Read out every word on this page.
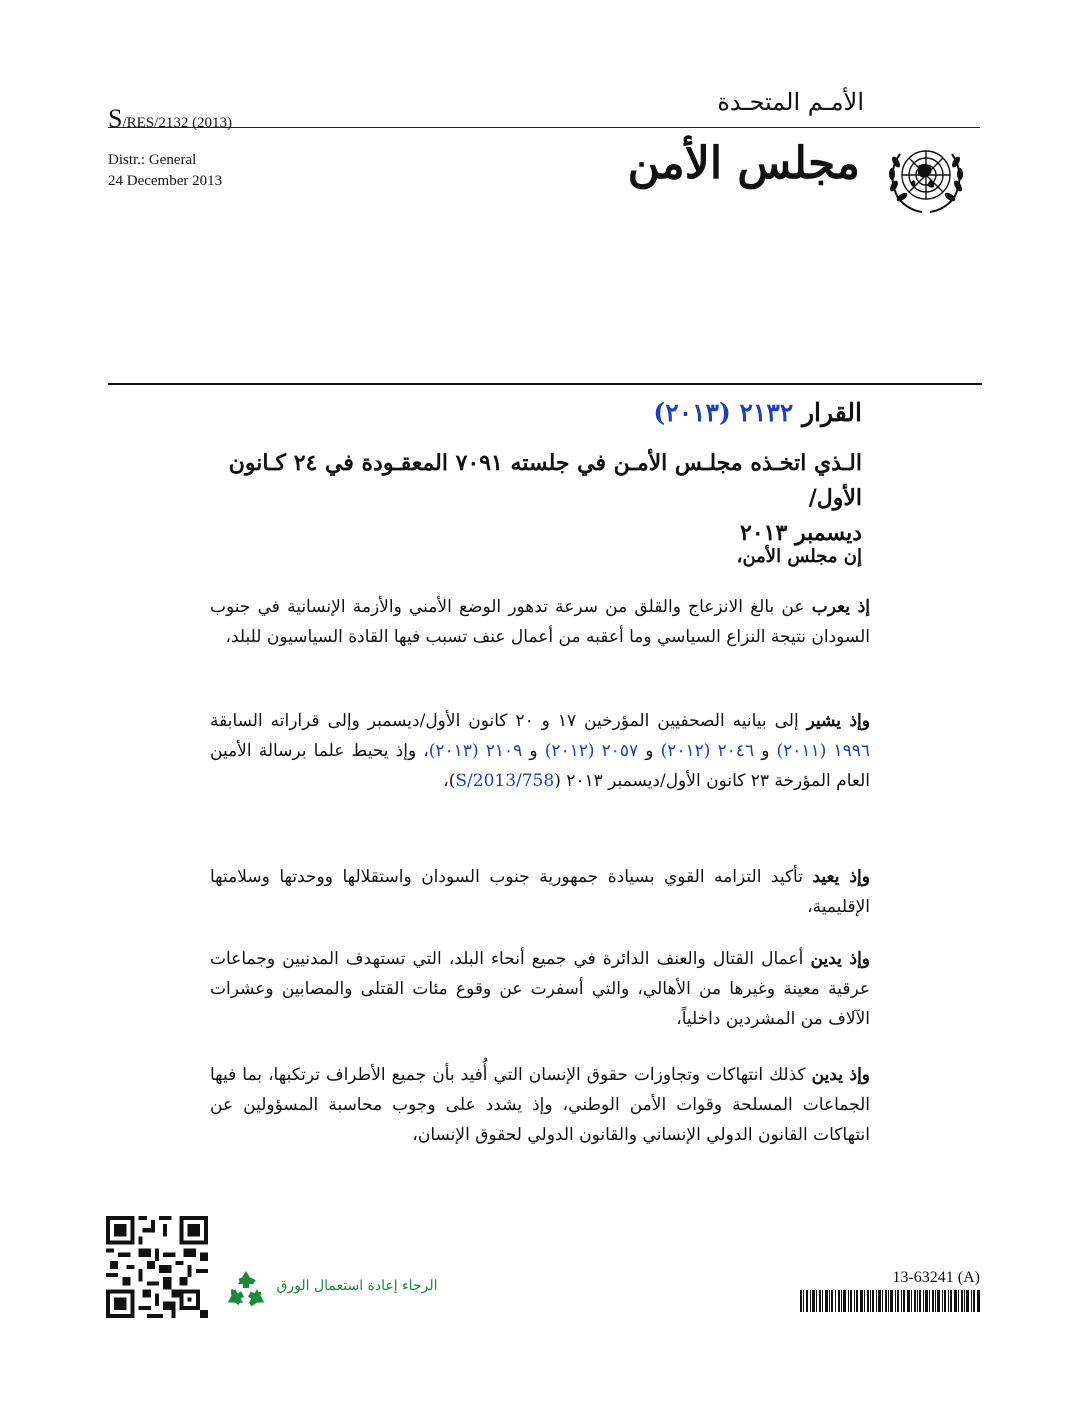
S/RES/2132 (2013)
الأمـم المتحـدة
Distr.: General
24 December 2013	مجلس الأمن
القرار ٢١٣٢ (٢٠١٣)
الـذي اتخـذه مجلـس الأمـن في جلسته ٧٠٩١ المعقـودة في ٢٤ كـانون الأول/
ديسمبر ٢٠١٣
إن مجلس الأمن،
إذ يعرب عن بالغ الانزعاج والقلق من سرعة تدهور الوضع الأمني والأزمة الإنسانية في جنوب السودان نتيجة النزاع السياسي وما أعقبه من أعمال عنف تسبب فيها القادة السياسيون للبلد،
وإذ يشير إلى بيانيه الصحفيين المؤرخين ١٧ و ٢٠ كانون الأول/ديسمبر وإلى قراراته السابقة ١٩٩٦ (٢٠١١) و ٢٠٤٦ (٢٠١٢) و ٢٠٥٧ (٢٠١٢) و ٢١٠٩ (٢٠١٣)، وإذ يحيط علما برسالة الأمين العام المؤرخة ٢٣ كانون الأول/ديسمبر ٢٠١٣ (S/2013/758)،
وإذ يعيد تأكيد التزامه القوي بسيادة جمهورية جنوب السودان واستقلالها ووحدتها وسلامتها الإقليمية،
وإذ يدين أعمال القتال والعنف الدائرة في جميع أنحاء البلد، التي تستهدف المدنيين وجماعات عرقية معينة وغيرها من الأهالي، والتي أسفرت عن وقوع مئات القتلى والمصابين وعشرات الآلاف من المشردين داخلياً،
وإذ يدين كذلك انتهاكات وتجاوزات حقوق الإنسان التي أُفيد بأن جميع الأطراف ترتكبها، بما فيها الجماعات المسلحة وقوات الأمن الوطني، وإذ يشدد على وجوب محاسبة المسؤولين عن انتهاكات القانون الدولي الإنساني والقانون الدولي لحقوق الإنسان،
الرجاء إعادة استعمال الورق	13-63241 (A)
